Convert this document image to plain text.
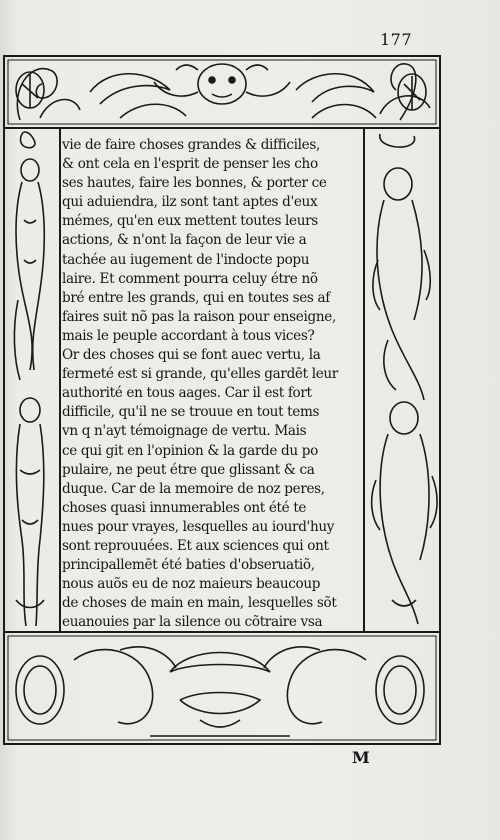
177
vie de faire choses grandes & difficiles,
& ont cela en l'esprit de penser les cho
ses hautes, faire les bonnes, & porter ce
qui aduiendra, ilz sont tant aptes d'eux
mémes, qu'en eux mettent toutes leurs
actions, & n'ont la façon de leur vie a
tachée au iugement de l'indocte popu
laire. Et comment pourra celuy étre nõ
bré entre les grands, qui en toutes ses af
faires suit nõ pas la raison pour enseigne,
mais le peuple accordant à tous vices?
Or des choses qui se font auec vertu, la
fermeté est si grande, qu'elles gardēt leur
authorité en tous aages. Car il est fort
difficile, qu'il ne se trouue en tout tems
vn q n'ayt témoignage de vertu. Mais
ce qui git en l'opinion & la garde du po
pulaire, ne peut étre que glissant & ca
duque. Car de la memoire de noz peres,
choses quasi innumerables ont été te
nues pour vrayes, lesquelles au iourd'huy
sont reprouuées. Et aux sciences qui ont
principallemēt été baties d'obseruatiõ,
nous auõs eu de noz maieurs beaucoup
de choses de main en main, lesquelles sõt
euanouies par la silence ou cõtraire vsa
M
